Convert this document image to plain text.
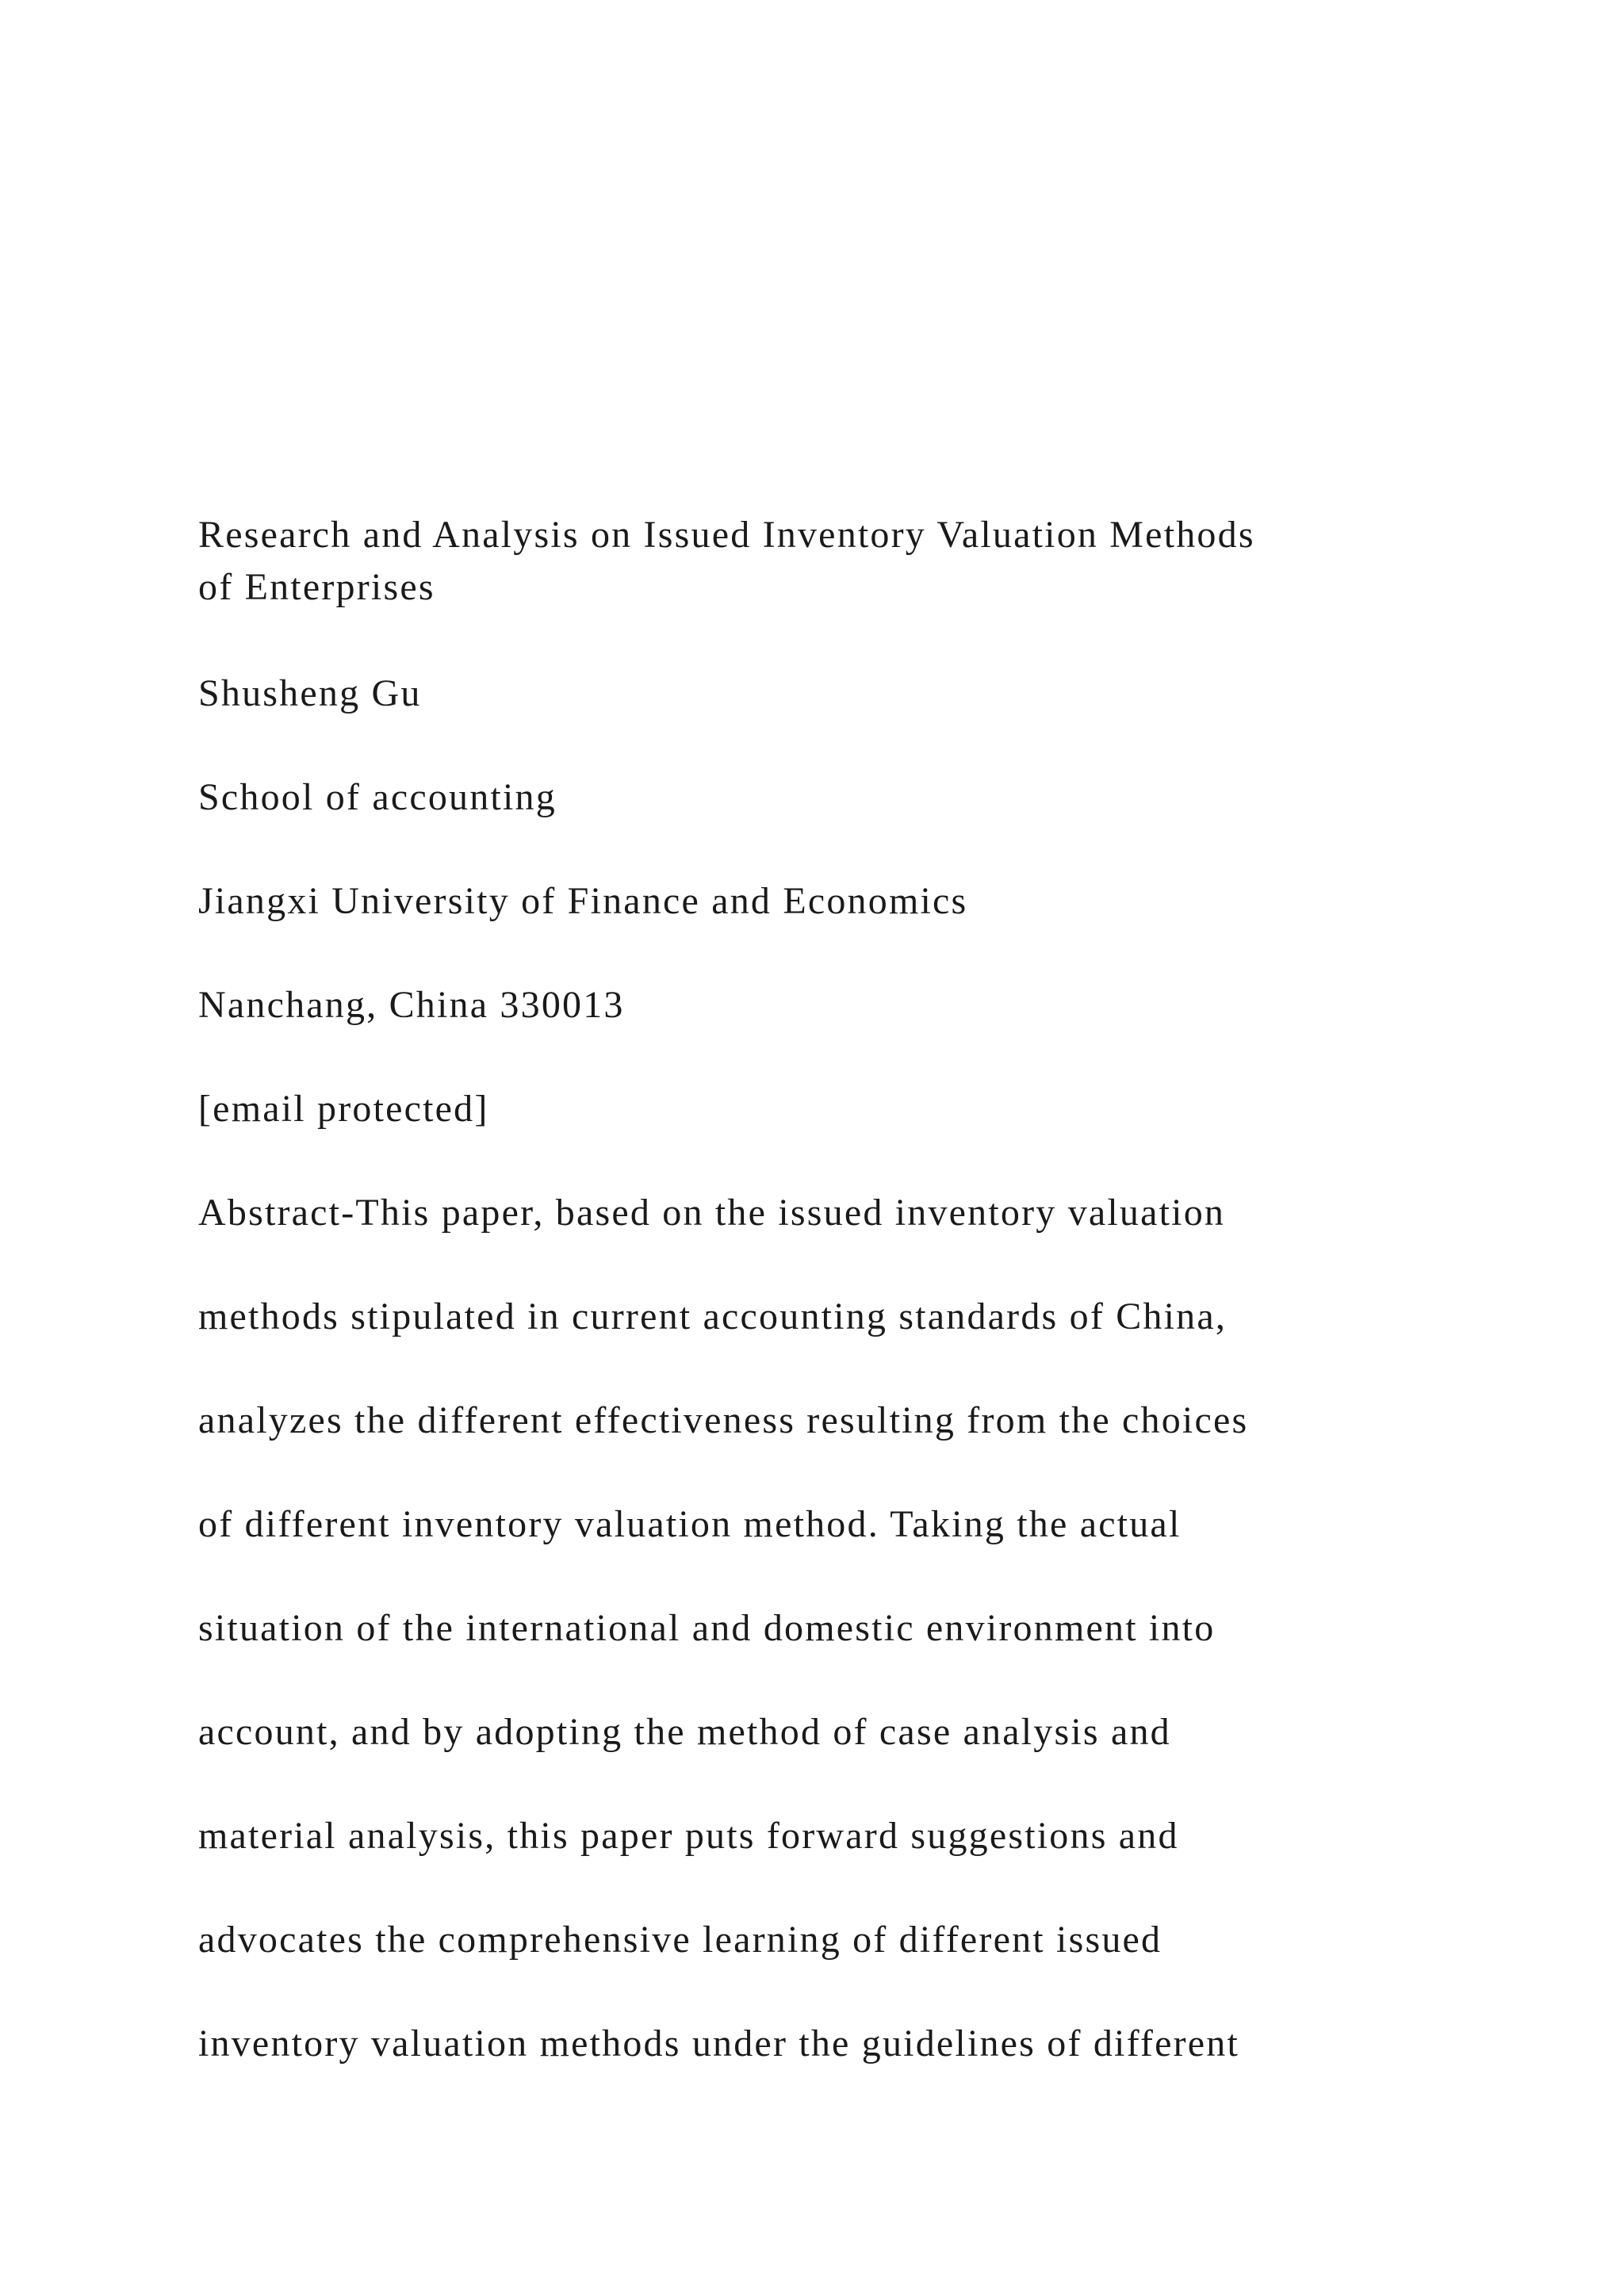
Research and Analysis on Issued Inventory Valuation Methods
of Enterprises

Shusheng Gu

School of accounting

Jiangxi University of Finance and Economics

Nanchang, China 330013

[email protected]

Abstract-This paper, based on the issued inventory valuation
methods stipulated in current accounting standards of China,
analyzes the different effectiveness resulting from the choices
of different inventory valuation method. Taking the actual
situation of the international and domestic environment into
account, and by adopting the method of case analysis and
material analysis, this paper puts forward suggestions and
advocates the comprehensive learning of different issued
inventory valuation methods under the guidelines of different
